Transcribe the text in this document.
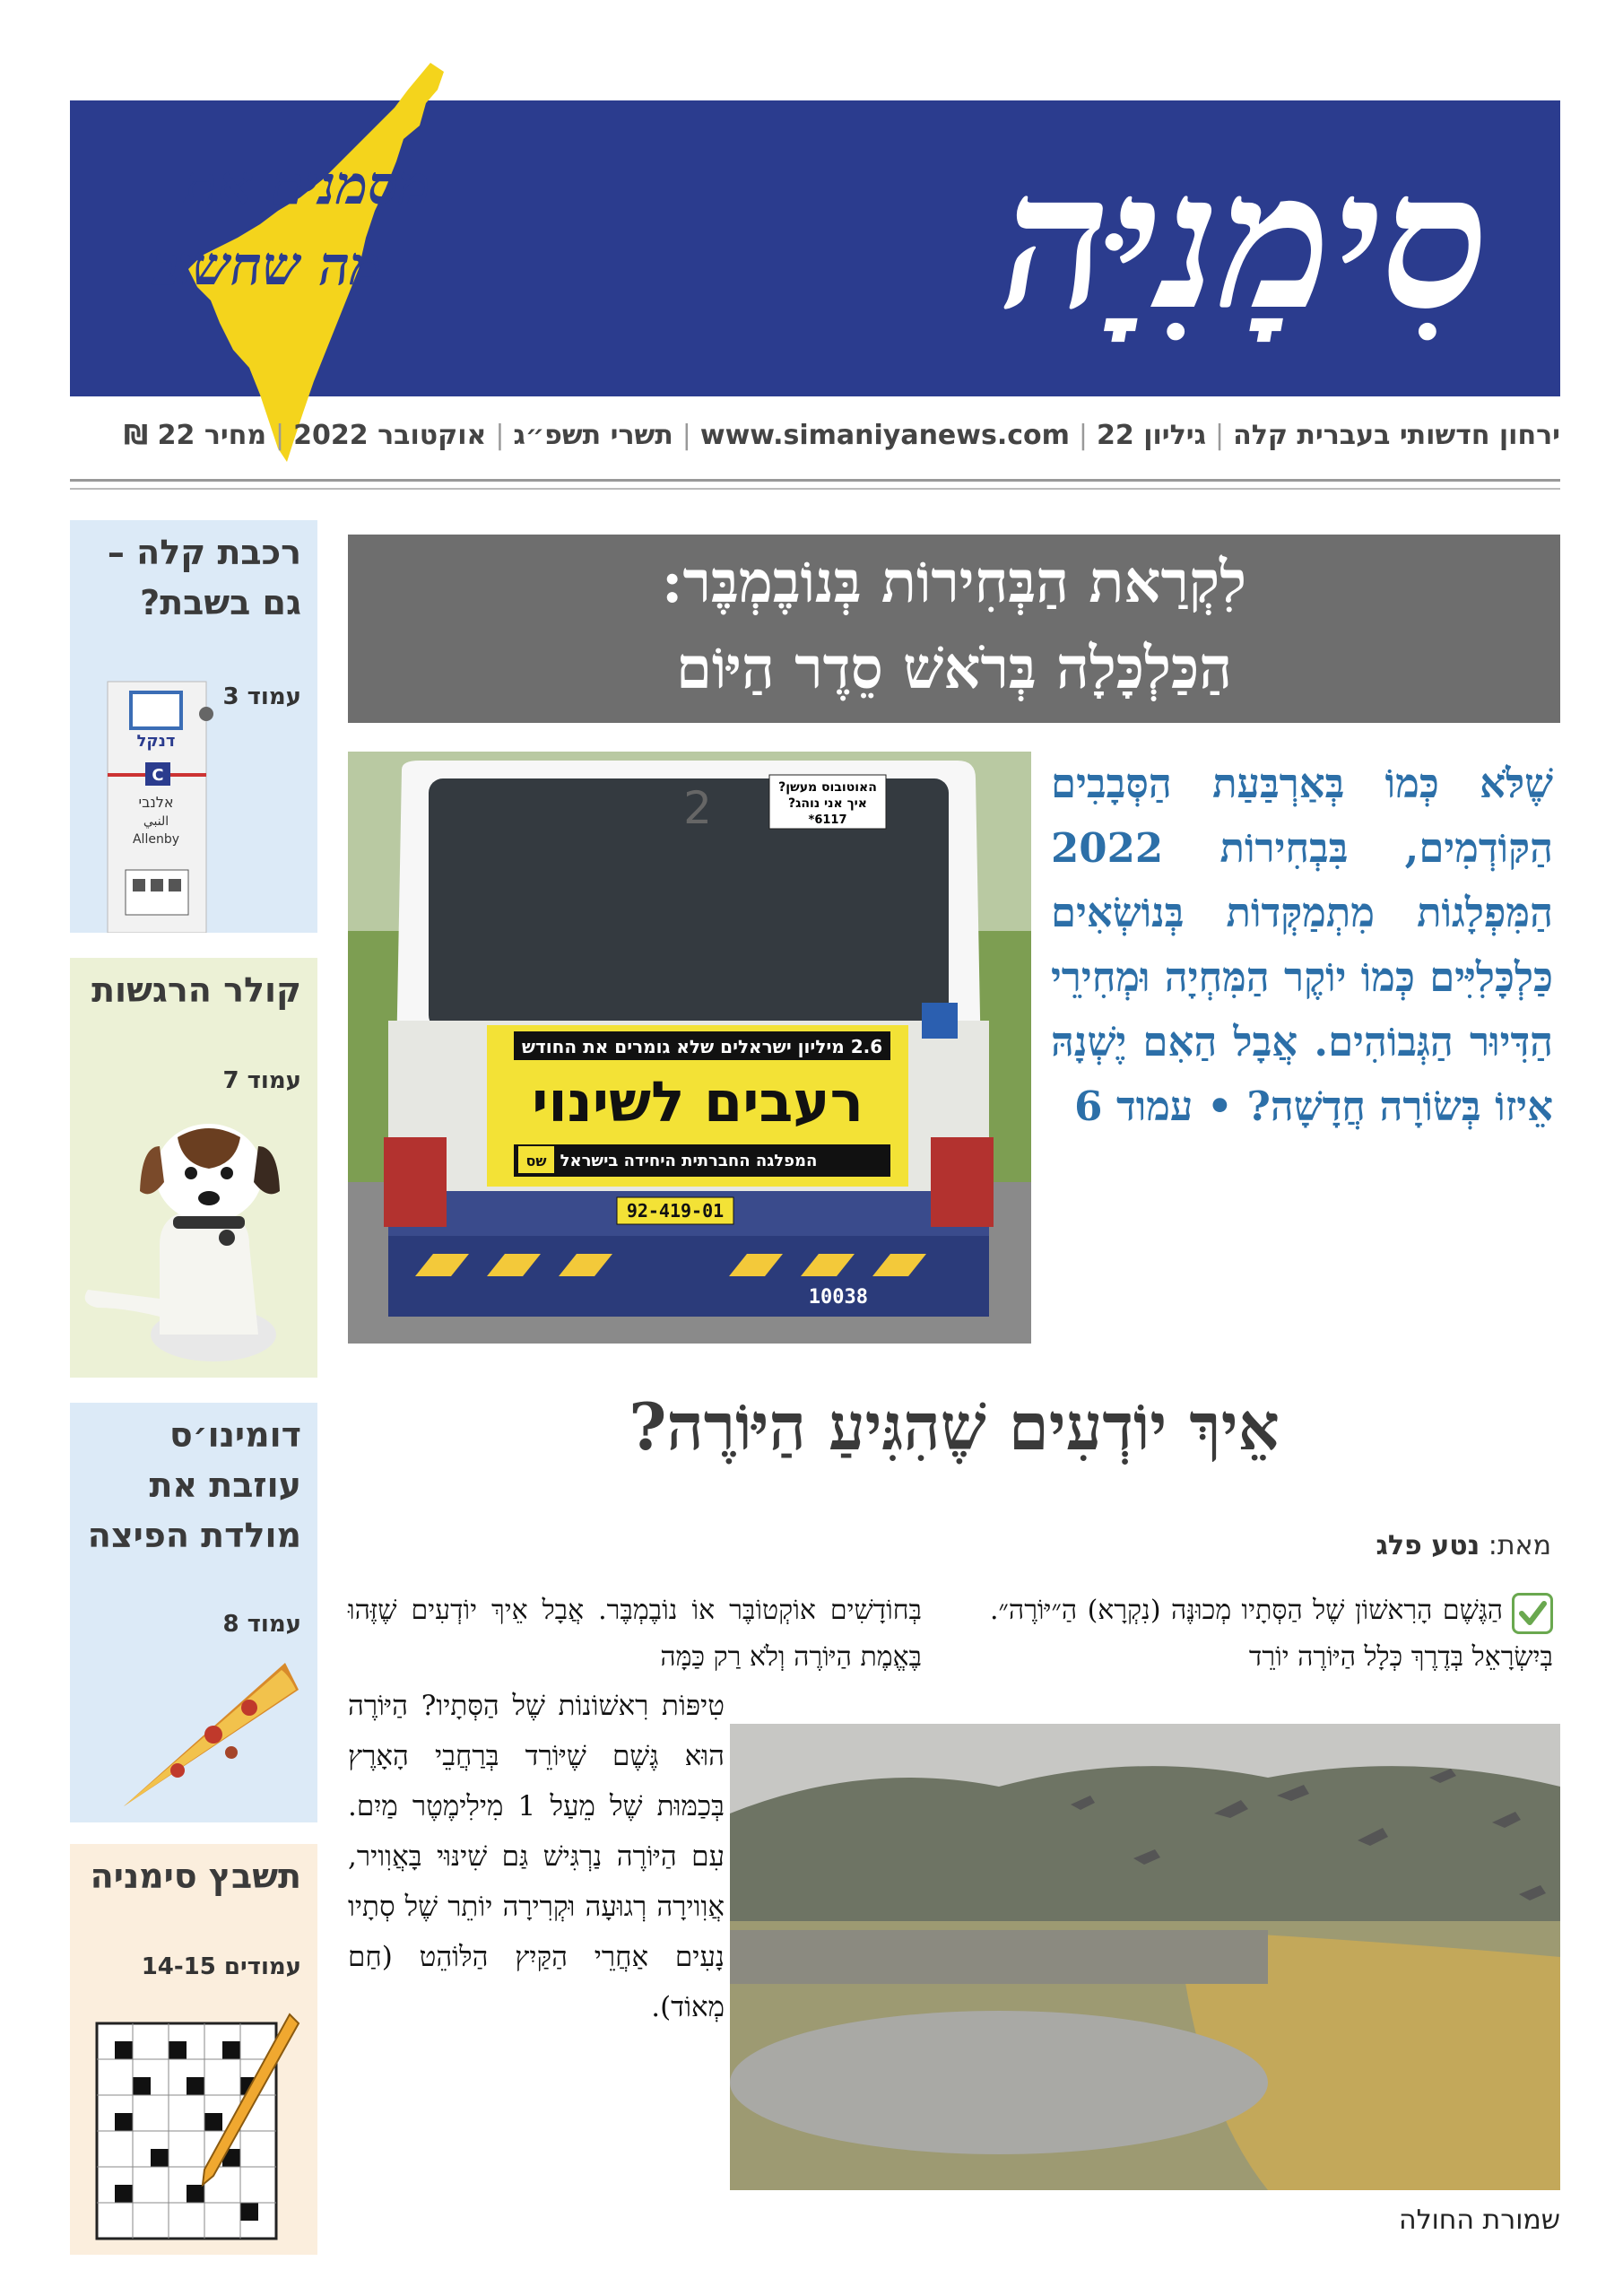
סִימָנִיָּה
מסמנים את
מה שחשוב
ירחון חדשותי בעברית קלה|גיליון 22|www.simaniyanews.com|תשרי תשפ״ג|אוקטובר 2022|מחיר 22 ₪
רכבת קלה – גם בשבת?
עמוד 3
דנקל
C
אלנבי
النبي
Allenby
קולר הרגשות
עמוד 7
דומינו׳ס עוזבת את מולדת הפיצה
עמוד 8
תשבץ סימניה
עמודים 14-15
לִקְרַאת הַבְּחִירוֹת בְּנוֹבֶמְבֶּר:
הַכַּלְכָּלָה בְּרֹאשׁ סֵדֶר הַיּוֹם
האוטובוס מעשן?
איך אני נוהג?
6117*
2
2.6 מיליון ישראלים שלא גומרים את החודש
רעבים לשינוי
המפלגה החברתית היחידה בישראל
שס
92-419-01
10038
שֶׁלֹּא כְּמוֹ בְּאַרְבַּעַת הַסְּבָבִים הַקּוֹדְמִים, בִּבְחִירוֹת 2022 הַמִּפְלָגוֹת מִתְמַקְּדוֹת בְּנוֹשְׂאִים כַּלְכָּלִיִּים כְּמוֹ יוֹקֶר הַמִּחְיָה וּמְחִירֵי הַדִּיוּר הַגְּבוֹהִים. אֲבָל הַאִם יֶשְׁנָהּ אֵיזוֹ בְּשׂוֹרָה חֲדָשָׁה? • עמוד 6
אֵיךְ יוֹדְעִים שֶׁהִגִּיעַ הַיּוֹרֶה?
מאת: נטע פלג
הַגֶּשֶׁם הָרִאשׁוֹן שֶׁל הַסְּתָיו מְכוּנֶּה (נִקְרָא) הַ״יּוֹרֶה״. בְּיִשְׂרָאֵל בְּדֶרֶךְ כְּלָל הַיּוֹרֶה יוֹרֵד
בְּחוֹדָשִׁים אוֹקְטוֹבֶּר אוֹ נוֹבֶמְבֶּר. אֲבָל אֵיךְ יוֹדְעִים שֶׁזֶּהוּ בֶּאֱמֶת הַיּוֹרֶה וְלֹא רַק כַּמָּה
טִיפּוֹת רִאשׁוֹנוֹת שֶׁל הַסְּתָיו? הַיּוֹרֶה הוּא גֶּשֶׁם שֶׁיּוֹרֵד בְּרַחֲבֵי הָאָרֶץ בְּכַמּוּת שֶׁל מֵעַל 1 מִילִימֶטֶר מַיִם. עִם הַיּוֹרֶה נַרְגִּישׁ גַּם שִׁינּוּי בָּאֲוִויר, אֲוִוירָה רְגוּעָה וּקְרִירָה יוֹתֵר שֶׁל סְתָיו נָעִים אַחֲרֵי הַקַּיִץ הַלּוֹהֵט (חַם מְאוֹד).
שמורת החולה
